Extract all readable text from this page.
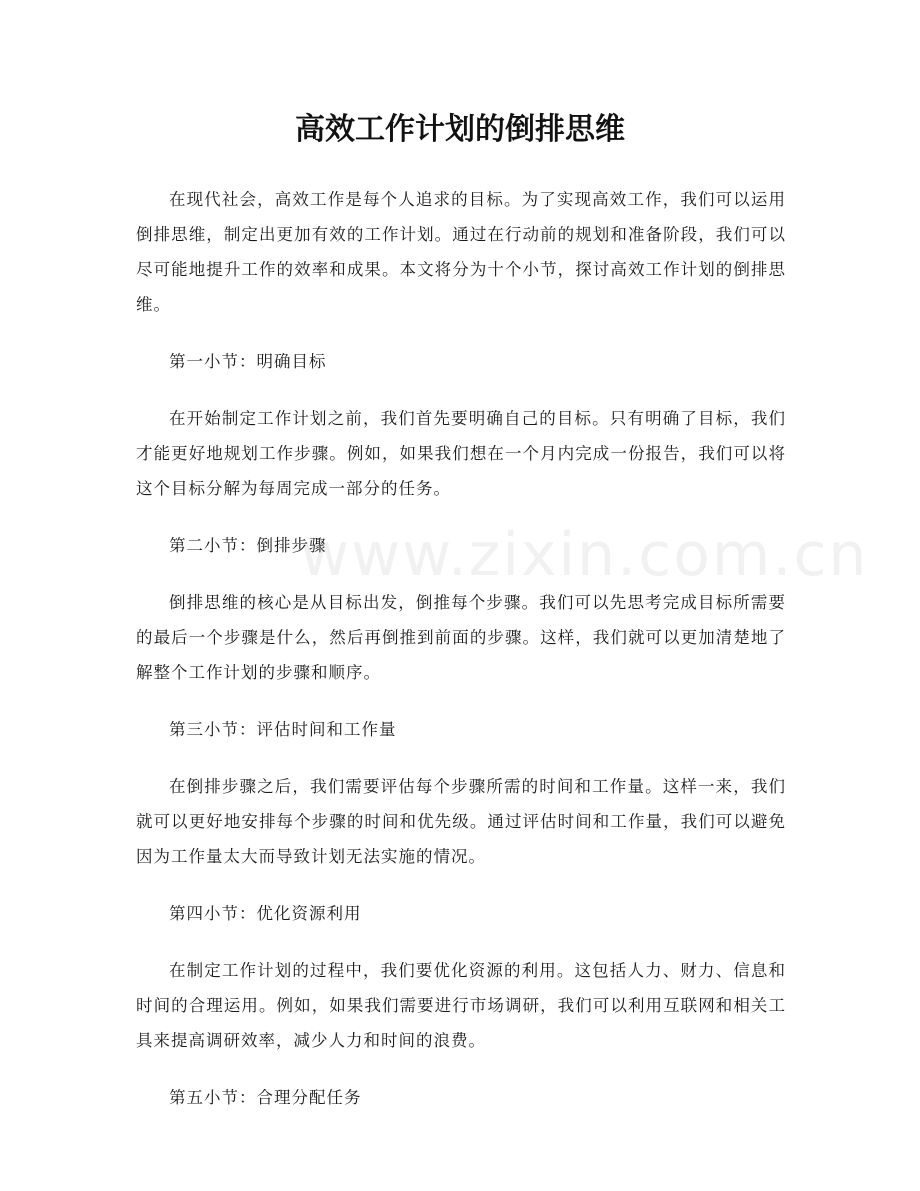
高效工作计划的倒排思维
www.zixin.com.cn

在现代社会，高效工作是每个人追求的目标。为了实现高效工作，我们可以运用倒排思维，制定出更加有效的工作计划。通过在行动前的规划和准备阶段，我们可以尽可能地提升工作的效率和成果。本文将分为十个小节，探讨高效工作计划的倒排思维。

第一小节：明确目标

在开始制定工作计划之前，我们首先要明确自己的目标。只有明确了目标，我们才能更好地规划工作步骤。例如，如果我们想在一个月内完成一份报告，我们可以将这个目标分解为每周完成一部分的任务。

第二小节：倒排步骤

倒排思维的核心是从目标出发，倒推每个步骤。我们可以先思考完成目标所需要的最后一个步骤是什么，然后再倒推到前面的步骤。这样，我们就可以更加清楚地了解整个工作计划的步骤和顺序。

第三小节：评估时间和工作量

在倒排步骤之后，我们需要评估每个步骤所需的时间和工作量。这样一来，我们就可以更好地安排每个步骤的时间和优先级。通过评估时间和工作量，我们可以避免因为工作量太大而导致计划无法实施的情况。

第四小节：优化资源利用

在制定工作计划的过程中，我们要优化资源的利用。这包括人力、财力、信息和时间的合理运用。例如，如果我们需要进行市场调研，我们可以利用互联网和相关工具来提高调研效率，减少人力和时间的浪费。

第五小节：合理分配任务
